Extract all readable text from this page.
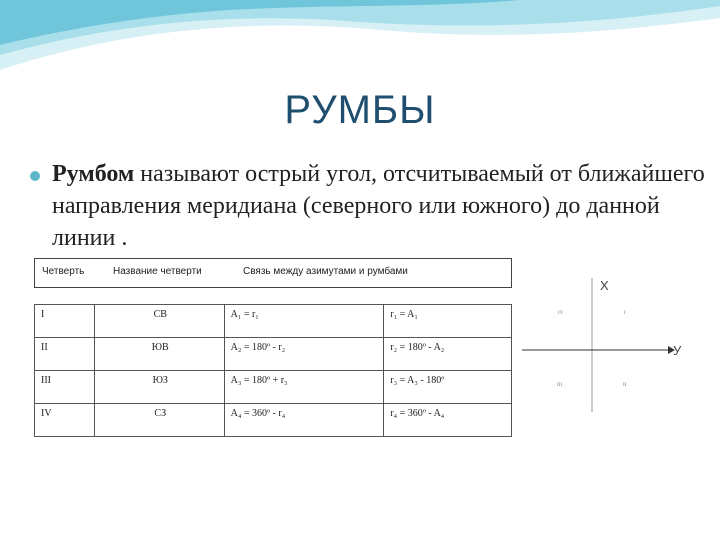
РУМБЫ
Румбом называют острый угол, отсчитываемый от ближайшего направления меридиана (северного или южного) до данной линии .
Четверть	Название четверти	Связь между азимутами и румбами
I	СВ	A₁ = r₁	r₁ = A₁
II	ЮВ	A₂ = 180º - r₂	r₂ = 180º - A₂
III	ЮЗ	A₃ = 180º + r₃	r₃ = A₃ - 180º
IV	СЗ	A₄ = 360º - r₄	r₄ = 360º - A₄
X
У
IV	I
III	II
